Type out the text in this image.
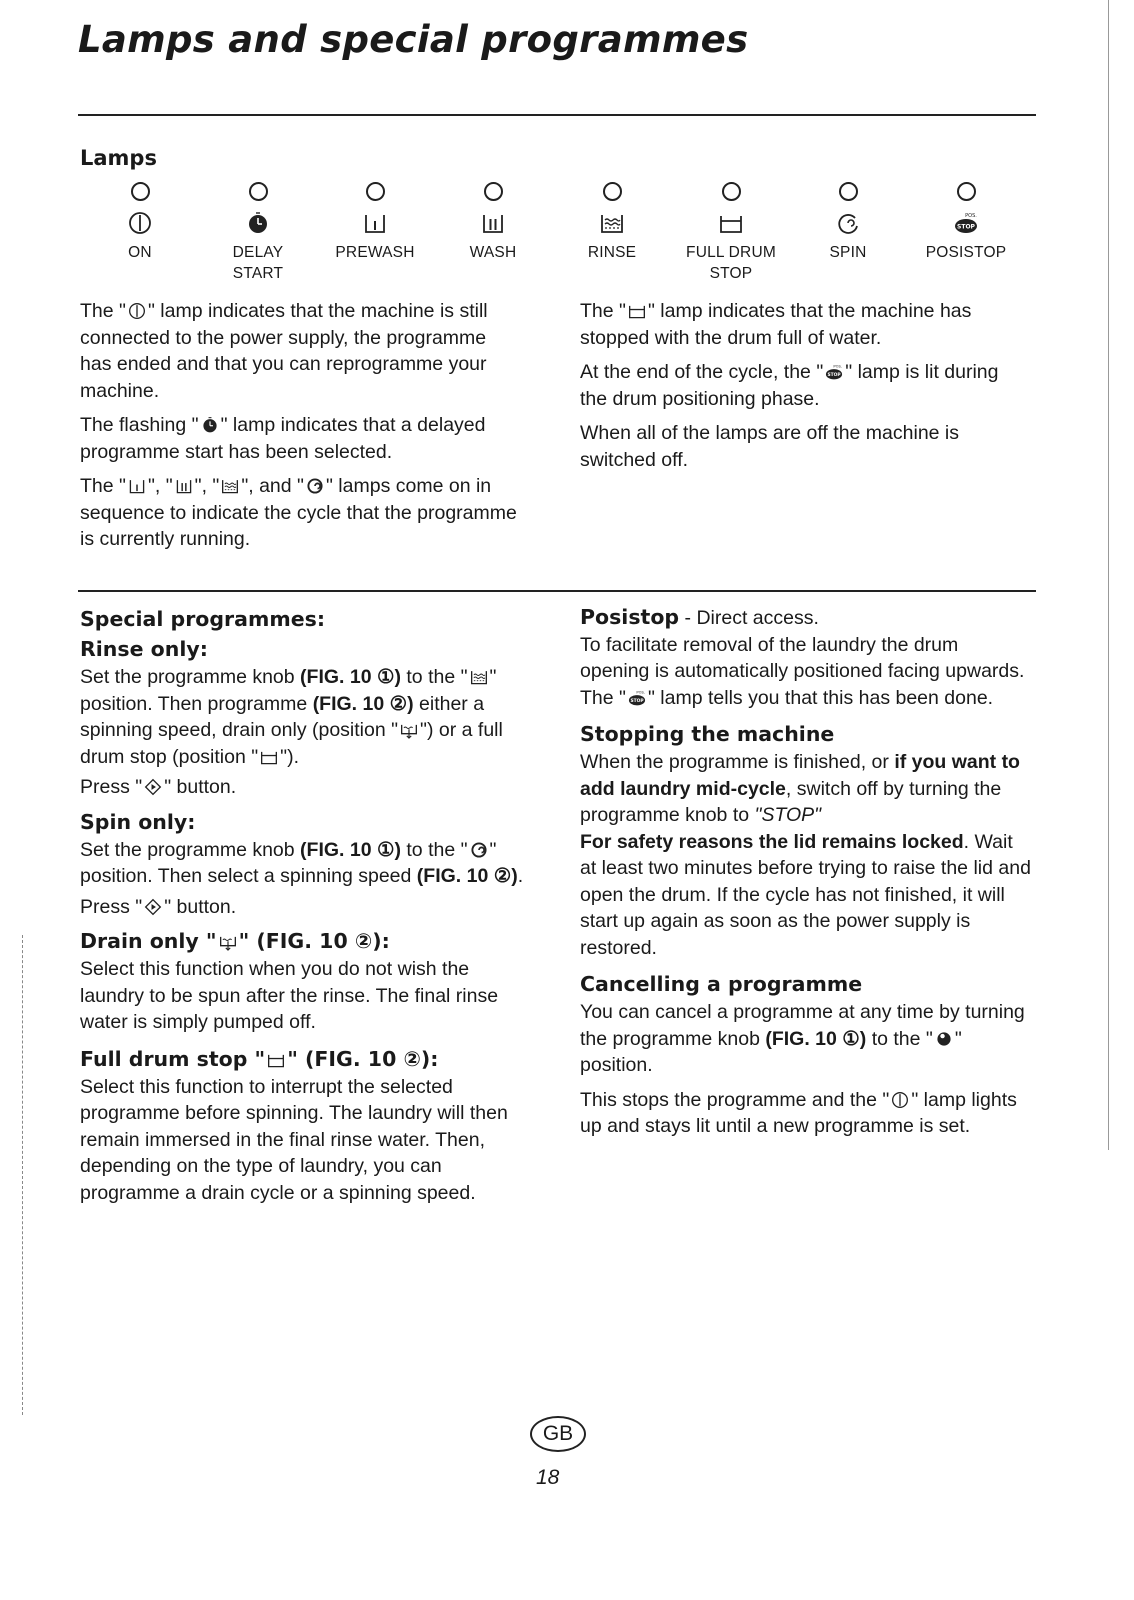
Lamps and special programmes
Lamps
ON	DELAY
START
PREWASH	WASH	RINSE	FULL DRUM
STOP
SPIN	POSISTOP

The " " lamp indicates that the machine is still connected to the power supply, the programme has ended and that you can reprogramme your machine.

The flashing " " lamp indicates that a delayed programme start has been selected.

The " ", " ", " ", and " " lamps come on in sequence to indicate the cycle that the programme is currently running.

The " " lamp indicates that the machine has stopped with the drum full of water.

At the end of the cycle, the " " lamp is lit during the drum positioning phase.

When all of the lamps are off the machine is switched off.

Special programmes:
Rinse only:

Set the programme knob (FIG. 10 ①) to the " " position. Then programme (FIG. 10 ②) either a spinning speed, drain only (position " ") or a full drum stop (position " ").

Press " " button.

Spin only:

Set the programme knob (FIG. 10 ①) to the " " position. Then select a spinning speed (FIG. 10 ②).

Press " " button.

Drain only " " (FIG. 10 ②):

Select this function when you do not wish the laundry to be spun after the rinse. The final rinse water is simply pumped off.

Full drum stop " " (FIG. 10 ②):

Select this function to interrupt the selected programme before spinning. The laundry will then remain immersed in the final rinse water. Then, depending on the type of laundry, you can programme a drain cycle or a spinning speed.

Posistop - Direct access.

To facilitate removal of the laundry the drum opening is automatically positioned facing upwards.

The " " lamp tells you that this has been done.

Stopping the machine

When the programme is finished, or if you want to add laundry mid-cycle, switch off by turning the programme knob to "STOP"

For safety reasons the lid remains locked. Wait at least two minutes before trying to raise the lid and open the drum. If the cycle has not finished, it will start up again as soon as the power supply is restored.

Cancelling a programme

You can cancel a programme at any time by turning the programme knob (FIG. 10 ①) to the " " position.

This stops the programme and the " " lamp lights up and stays lit until a new programme is set.

GB
18
